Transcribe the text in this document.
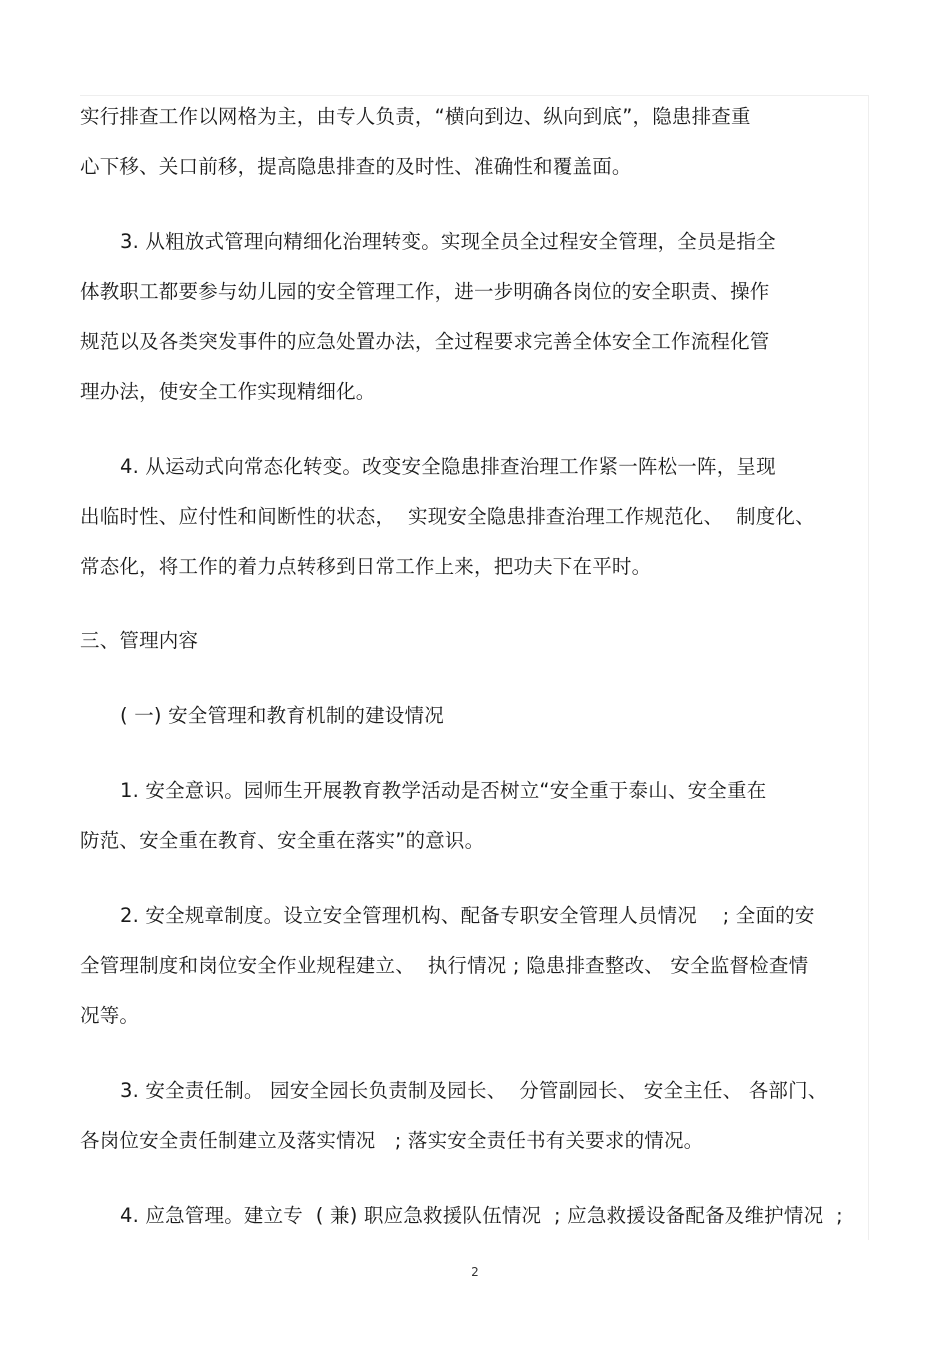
实行排查工作以网格为主，由专人负责，“横向到边、纵向到底”，隐患排查重
心下移、关口前移，提高隐患排查的及时性、准确性和覆盖面。
3. 从粗放式管理向精细化治理转变。实现全员全过程安全管理，全员是指全
体教职工都要参与幼儿园的安全管理工作，进一步明确各岗位的安全职责、操作
规范以及各类突发事件的应急处置办法，全过程要求完善全体安全工作流程化管
理办法，使安全工作实现精细化。
4. 从运动式向常态化转变。改变安全隐患排查治理工作紧一阵松一阵，呈现
出临时性、应付性和间断性的状态，  实现安全隐患排查治理工作规范化、  制度化、
常态化，将工作的着力点转移到日常工作上来，把功夫下在平时。
三、管理内容
( 一) 安全管理和教育机制的建设情况
1. 安全意识。园师生开展教育教学活动是否树立“安全重于泰山、安全重在
防范、安全重在教育、安全重在落实”的意识。
2. 安全规章制度。设立安全管理机构、配备专职安全管理人员情况    ; 全面的安
全管理制度和岗位安全作业规程建立、  执行情况 ; 隐患排查整改、 安全监督检查情
况等。
3. 安全责任制。 园安全园长负责制及园长、  分管副园长、 安全主任、 各部门、
各岗位安全责任制建立及落实情况   ; 落实安全责任书有关要求的情况。
4. 应急管理。建立专  ( 兼) 职应急救援队伍情况  ; 应急救援设备配备及维护情况  ;
2
